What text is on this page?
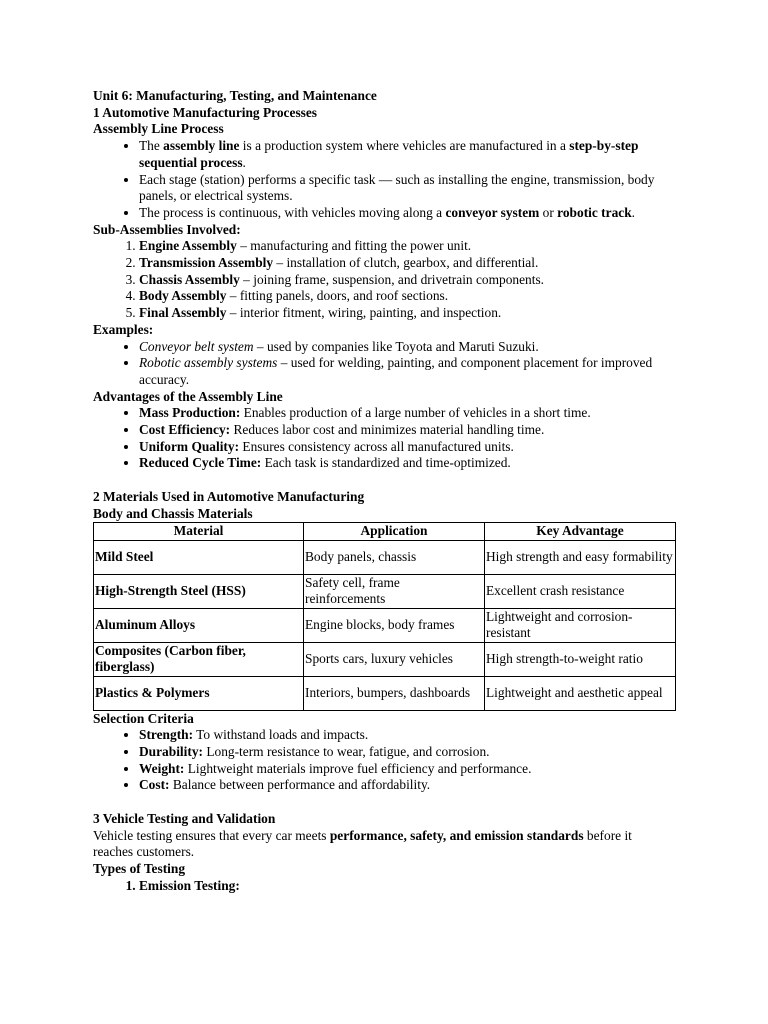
Unit 6: Manufacturing, Testing, and Maintenance

1 Automotive Manufacturing Processes

Assembly Line Process

• The assembly line is a production system where vehicles are manufactured in a step-by-step sequential process.
• Each stage (station) performs a specific task — such as installing the engine, transmission, body panels, or electrical systems.
• The process is continuous, with vehicles moving along a conveyor system or robotic track.

Sub-Assemblies Involved:

1. Engine Assembly – manufacturing and fitting the power unit.
2. Transmission Assembly – installation of clutch, gearbox, and differential.
3. Chassis Assembly – joining frame, suspension, and drivetrain components.
4. Body Assembly – fitting panels, doors, and roof sections.
5. Final Assembly – interior fitment, wiring, painting, and inspection.

Examples:

• Conveyor belt system – used by companies like Toyota and Maruti Suzuki.
• Robotic assembly systems – used for welding, painting, and component placement for improved accuracy.

Advantages of the Assembly Line

• Mass Production: Enables production of a large number of vehicles in a short time.
• Cost Efficiency: Reduces labor cost and minimizes material handling time.
• Uniform Quality: Ensures consistency across all manufactured units.
• Reduced Cycle Time: Each task is standardized and time-optimized.

2 Materials Used in Automotive Manufacturing

Body and Chassis Materials

Material	Application	Key Advantage
Mild Steel	Body panels, chassis	High strength and easy formability
High-Strength Steel (HSS)	Safety cell, frame reinforcements	Excellent crash resistance
Aluminum Alloys	Engine blocks, body frames	Lightweight and corrosion-resistant
Composites (Carbon fiber, fiberglass)	Sports cars, luxury vehicles	High strength-to-weight ratio
Plastics & Polymers	Interiors, bumpers, dashboards	Lightweight and aesthetic appeal

Selection Criteria

• Strength: To withstand loads and impacts.
• Durability: Long-term resistance to wear, fatigue, and corrosion.
• Weight: Lightweight materials improve fuel efficiency and performance.
• Cost: Balance between performance and affordability.

3 Vehicle Testing and Validation

Vehicle testing ensures that every car meets performance, safety, and emission standards before it reaches customers.

Types of Testing

1. Emission Testing:
